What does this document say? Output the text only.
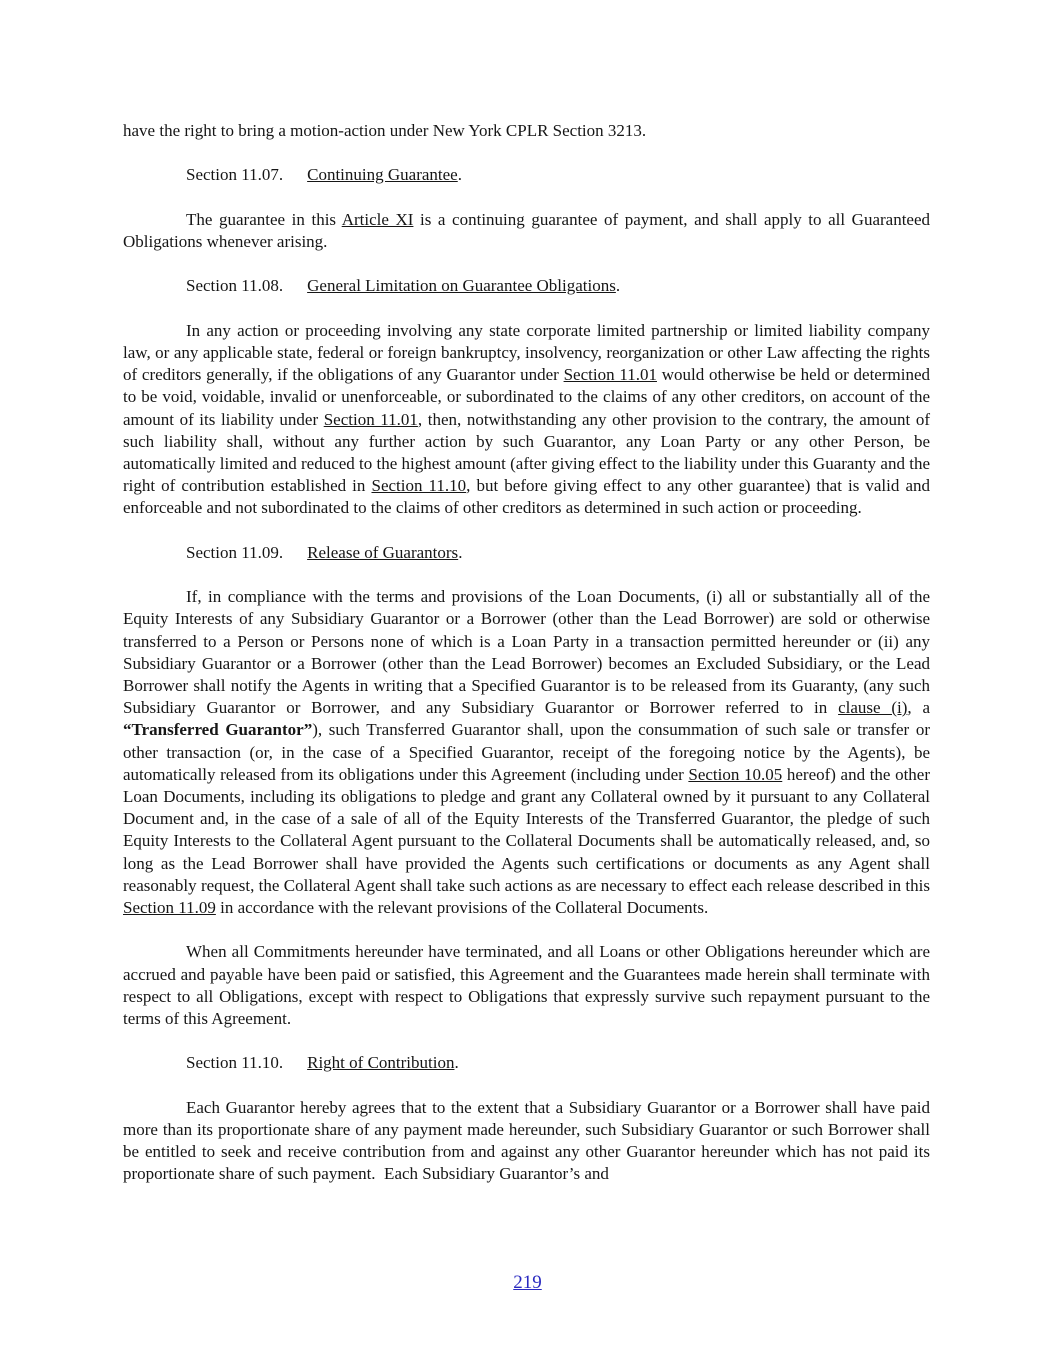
have the right to bring a motion-action under New York CPLR Section 3213.

Section 11.07. Continuing Guarantee.

The guarantee in this Article XI is a continuing guarantee of payment, and shall apply to all Guaranteed Obligations whenever arising.

Section 11.08. General Limitation on Guarantee Obligations.

In any action or proceeding involving any state corporate limited partnership or limited liability company law, or any applicable state, federal or foreign bankruptcy, insolvency, reorganization or other Law affecting the rights of creditors generally, if the obligations of any Guarantor under Section 11.01 would otherwise be held or determined to be void, voidable, invalid or unenforceable, or subordinated to the claims of any other creditors, on account of the amount of its liability under Section 11.01, then, notwithstanding any other provision to the contrary, the amount of such liability shall, without any further action by such Guarantor, any Loan Party or any other Person, be automatically limited and reduced to the highest amount (after giving effect to the liability under this Guaranty and the right of contribution established in Section 11.10, but before giving effect to any other guarantee) that is valid and enforceable and not subordinated to the claims of other creditors as determined in such action or proceeding.

Section 11.09. Release of Guarantors.

If, in compliance with the terms and provisions of the Loan Documents, (i) all or substantially all of the Equity Interests of any Subsidiary Guarantor or a Borrower (other than the Lead Borrower) are sold or otherwise transferred to a Person or Persons none of which is a Loan Party in a transaction permitted hereunder or (ii) any Subsidiary Guarantor or a Borrower (other than the Lead Borrower) becomes an Excluded Subsidiary, or the Lead Borrower shall notify the Agents in writing that a Specified Guarantor is to be released from its Guaranty, (any such Subsidiary Guarantor or Borrower, and any Subsidiary Guarantor or Borrower referred to in clause (i), a “Transferred Guarantor”), such Transferred Guarantor shall, upon the consummation of such sale or transfer or other transaction (or, in the case of a Specified Guarantor, receipt of the foregoing notice by the Agents), be automatically released from its obligations under this Agreement (including under Section 10.05 hereof) and the other Loan Documents, including its obligations to pledge and grant any Collateral owned by it pursuant to any Collateral Document and, in the case of a sale of all of the Equity Interests of the Transferred Guarantor, the pledge of such Equity Interests to the Collateral Agent pursuant to the Collateral Documents shall be automatically released, and, so long as the Lead Borrower shall have provided the Agents such certifications or documents as any Agent shall reasonably request, the Collateral Agent shall take such actions as are necessary to effect each release described in this Section 11.09 in accordance with the relevant provisions of the Collateral Documents.

When all Commitments hereunder have terminated, and all Loans or other Obligations hereunder which are accrued and payable have been paid or satisfied, this Agreement and the Guarantees made herein shall terminate with respect to all Obligations, except with respect to Obligations that expressly survive such repayment pursuant to the terms of this Agreement.

Section 11.10. Right of Contribution.

Each Guarantor hereby agrees that to the extent that a Subsidiary Guarantor or a Borrower shall have paid more than its proportionate share of any payment made hereunder, such Subsidiary Guarantor or such Borrower shall be entitled to seek and receive contribution from and against any other Guarantor hereunder which has not paid its proportionate share of such payment.  Each Subsidiary Guarantor’s and

219
